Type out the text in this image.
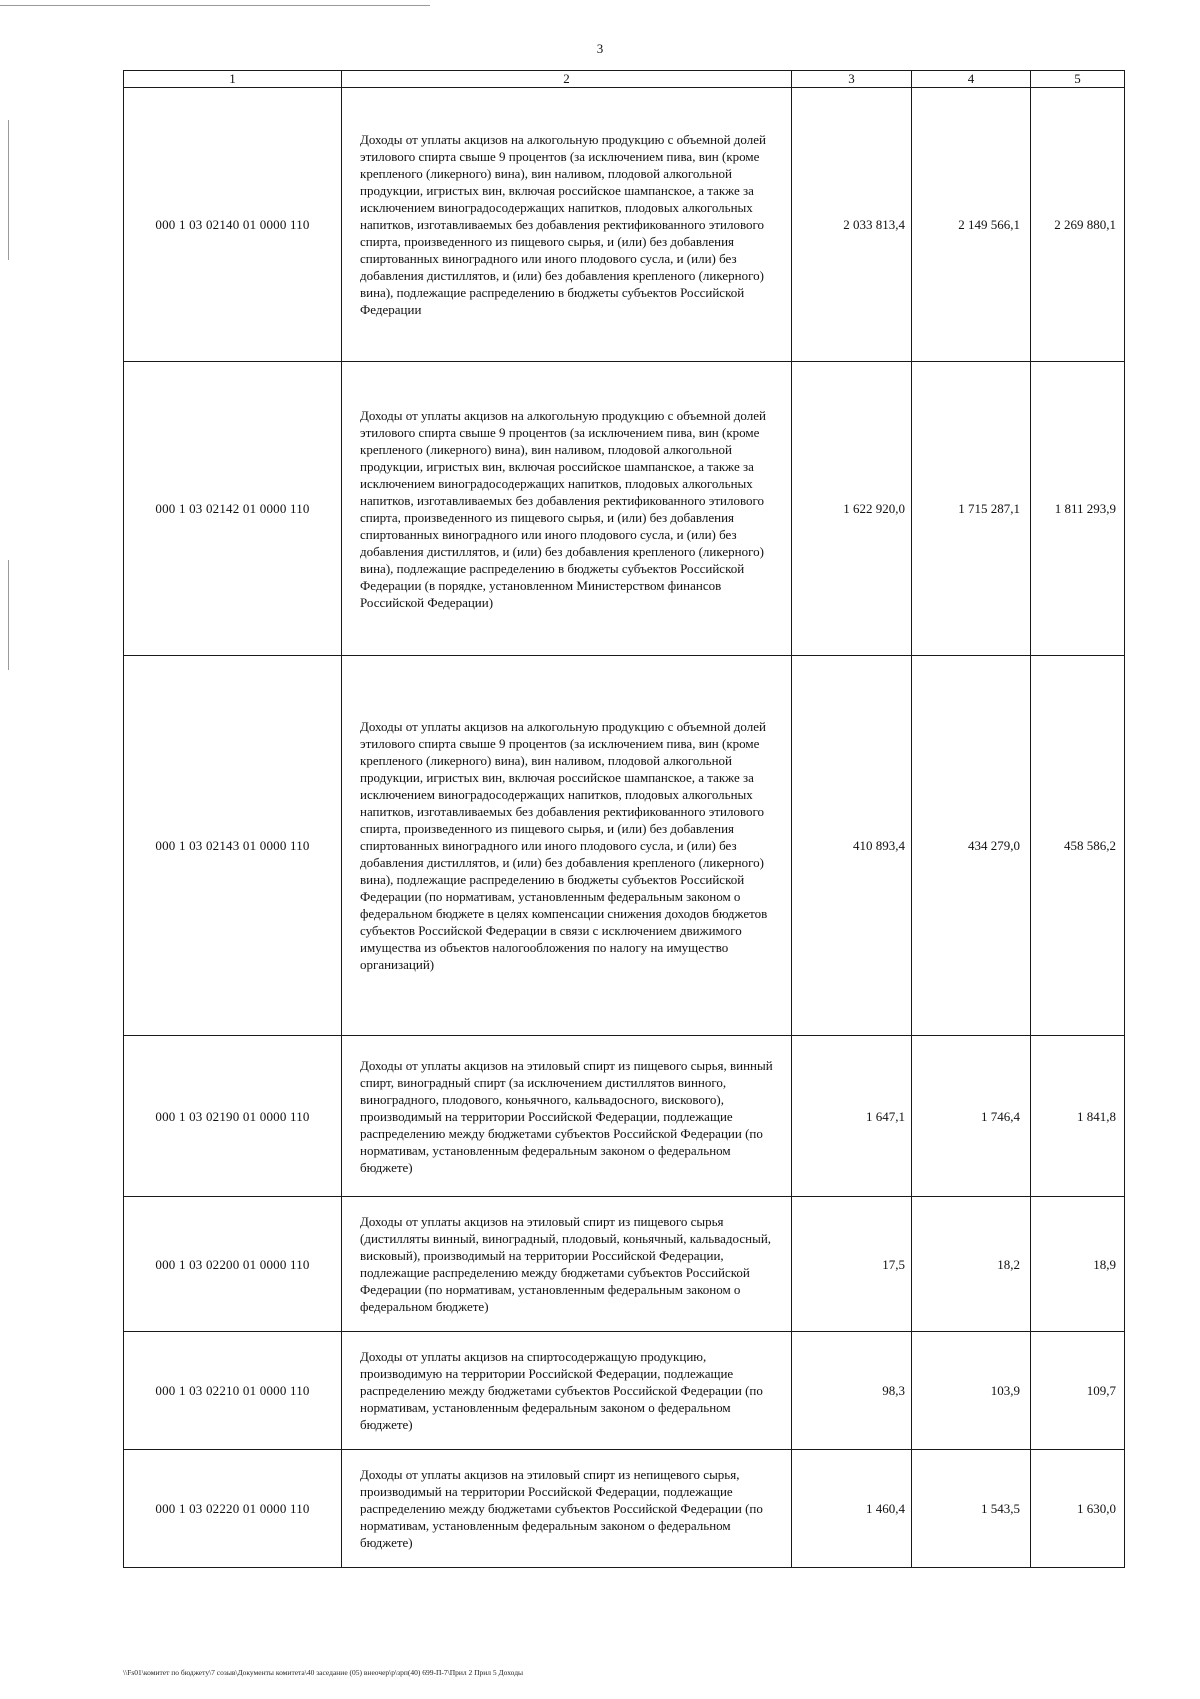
3
1	2	3	4	5
000 1 03 02140 01 0000 110	Доходы от уплаты акцизов на алкогольную продукцию с объемной долей этилового спирта свыше 9 процентов (за исключением пива, вин (кроме крепленого (ликерного) вина), вин наливом, плодовой алкогольной продукции, игристых вин, включая российское шампанское, а также за исключением виноградосодержащих напитков, плодовых алкогольных напитков, изготавливаемых без добавления ректификованного этилового спирта, произведенного из пищевого сырья, и (или) без добавления спиртованных виноградного или иного плодового сусла, и (или) без добавления дистиллятов, и (или) без добавления крепленого (ликерного) вина), подлежащие распределению в бюджеты субъектов Российской Федерации	2 033 813,4	2 149 566,1	2 269 880,1
000 1 03 02142 01 0000 110	Доходы от уплаты акцизов на алкогольную продукцию с объемной долей этилового спирта свыше 9 процентов (за исключением пива, вин (кроме крепленого (ликерного) вина), вин наливом, плодовой алкогольной продукции, игристых вин, включая российское шампанское, а также за исключением виноградосодержащих напитков, плодовых алкогольных напитков, изготавливаемых без добавления ректификованного этилового спирта, произведенного из пищевого сырья, и (или) без добавления спиртованных виноградного или иного плодового сусла, и (или) без добавления дистиллятов, и (или) без добавления крепленого (ликерного) вина), подлежащие распределению в бюджеты субъектов Российской Федерации (в порядке, установленном Министерством финансов Российской Федерации)	1 622 920,0	1 715 287,1	1 811 293,9
000 1 03 02143 01 0000 110	Доходы от уплаты акцизов на алкогольную продукцию с объемной долей этилового спирта свыше 9 процентов (за исключением пива, вин (кроме крепленого (ликерного) вина), вин наливом, плодовой алкогольной продукции, игристых вин, включая российское шампанское, а также за исключением виноградосодержащих напитков, плодовых алкогольных напитков, изготавливаемых без добавления ректификованного этилового спирта, произведенного из пищевого сырья, и (или) без добавления спиртованных виноградного или иного плодового сусла, и (или) без добавления дистиллятов, и (или) без добавления крепленого (ликерного) вина), подлежащие распределению в бюджеты субъектов Российской Федерации (по нормативам, установленным федеральным законом о федеральном бюджете в целях компенсации снижения доходов бюджетов субъектов Российской Федерации в связи с исключением движимого имущества из объектов налогообложения по налогу на имущество организаций)	410 893,4	434 279,0	458 586,2
000 1 03 02190 01 0000 110	Доходы от уплаты акцизов на этиловый спирт из пищевого сырья, винный спирт, виноградный спирт (за исключением дистиллятов винного, виноградного, плодового, коньячного, кальвадосного, вискового), производимый на территории Российской Федерации, подлежащие распределению между бюджетами субъектов Российской Федерации (по нормативам, установленным федеральным законом о федеральном бюджете)	1 647,1	1 746,4	1 841,8
000 1 03 02200 01 0000 110	Доходы от уплаты акцизов на этиловый спирт из пищевого сырья (дистилляты винный, виноградный, плодовый, коньячный, кальвадосный, висковый), производимый на территории Российской Федерации, подлежащие распределению между бюджетами субъектов Российской Федерации (по нормативам, установленным федеральным законом о федеральном бюджете)	17,5	18,2	18,9
000 1 03 02210 01 0000 110	Доходы от уплаты акцизов на спиртосодержащую продукцию, производимую на территории Российской Федерации, подлежащие распределению между бюджетами субъектов Российской Федерации (по нормативам, установленным федеральным законом о федеральном бюджете)	98,3	103,9	109,7
000 1 03 02220 01 0000 110	Доходы от уплаты акцизов на этиловый спирт из непищевого сырья, производимый на территории Российской Федерации, подлежащие распределению между бюджетами субъектов Российской Федерации (по нормативам, установленным федеральным законом о федеральном бюджете)	1 460,4	1 543,5	1 630,0
\\Fs01\комитет по бюджету\7 созыв\Документы комитета\40 заседание (05) внеочер\р\зрп(40) 699-П-7\Прил 2 Прил 5 Доходы
